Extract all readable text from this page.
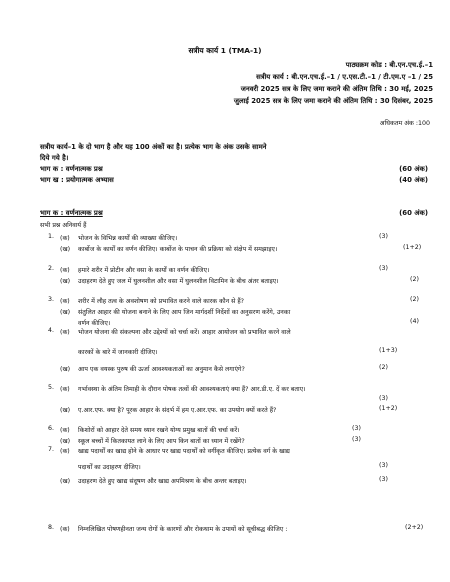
सत्रीय कार्य 1 (TMA-1)
पाठ्यक्रम कोड : बी.एन.एच.ई.–1
सत्रीय कार्य : बी.एन.एच.ई.–1 / ए.एस.टी.–1 / टी.एम.ए –1 / 25
जनवरी 2025 सत्र के लिए जमा कराने की अंतिम तिथि : 30 मई, 2025
जुलाई 2025 सत्र के लिए जमा कराने की अंतिम तिथि : 30 दिसंबर, 2025
अधिकतम अंक :100
सत्रीय कार्य–1 के दो भाग है और यह 100 अंकों का है। प्रत्येक भाग के अंक उसके सामने
दिये गये है।
भाग क : वर्णनात्मक प्रश्न	(60 अंक)
भाग ख : प्रयोगात्मक अभ्यास	(40 अंक)
भाग क : वर्णनात्मक प्रश्न	(60 अंक)
सभी प्रश्न अनिवार्य हैं
1. (क) भोजन के विभिन्न कार्यों की व्याख्या कीजिए।	(3)
(ख) कार्बोज के कार्यों का वर्णन कीजिए। कार्बोज के पाचन की प्रक्रिया को संक्षेप में समझाइए।	(1+2)
2. (क) हमारे शरीर में प्रोटीन और वसा के कार्यों का वर्णन कीजिए।	(3)
(ख) उदाहरण देते हुए जल में घुलनशील और वसा में घुलनशील विटामिन के बीच अंतर बताइए।	(2)
3. (क) शरीर में लौह तत्व के अवशोषण को प्रभावित करने वाले कारक कौन से हैं?	(2)
(ख) संतुलित आहार की योजना बनाने के लिए आप जिन मार्गदर्शी निर्देशों का अनुसरण करेंगे, उनका
वर्णन कीजिए।	(4)
4. (क) भोजन योजना की संकल्पना और उद्देश्यों को चर्चा करें। आहार आयोजन को प्रभावित करने वाले
कारकों के बारे में जानकारी दीजिए।	(1+3)
(ख) आप एक वयस्क पुरुष की ऊर्जा आवश्यकताओं का अनुमान कैसे लगाएंगे?	(2)
5. (क) गर्भावस्था के अंतिम तिमाही के दौरान पोषक तत्वों की आवश्यकताएं क्या हैं? आर.डी.ए. दें कर बताए।
(3)
(ख) ए.आर.एफ. क्या है? पूरक आहार के संदर्भ में हम ए.आर.एफ. का उपयोग क्यों करते हैं?	(1+2)
6. (क) किशोरों को आहार देते समय ध्यान रखने योग्य प्रमुख बातों की चर्चा करें।	(3)
(ख) स्कूल बच्चों में कितकायत लाने के लिए आप किन बातों का ध्यान में रखेंगे?	(3)
7. (क) खाद्य पदार्थों का खाद्य होने के आधार पर खाद्य पदार्थों को वर्गीकृत कीजिए। प्रत्येक वर्ग के खाद्य
पदार्थों का उदाहरण दीजिए।	(3)
(ख) उदाहरण देते हुए खाद्य संदूषण और खाद्य अपमिश्रण के बीच अन्तर बताइए।	(3)
8. (क) निम्नलिखित पोषणहीनता जन्य रोगों के कारणों और रोकथाम के उपायों को सूचीबद्ध कीजिए :	(2+2)
